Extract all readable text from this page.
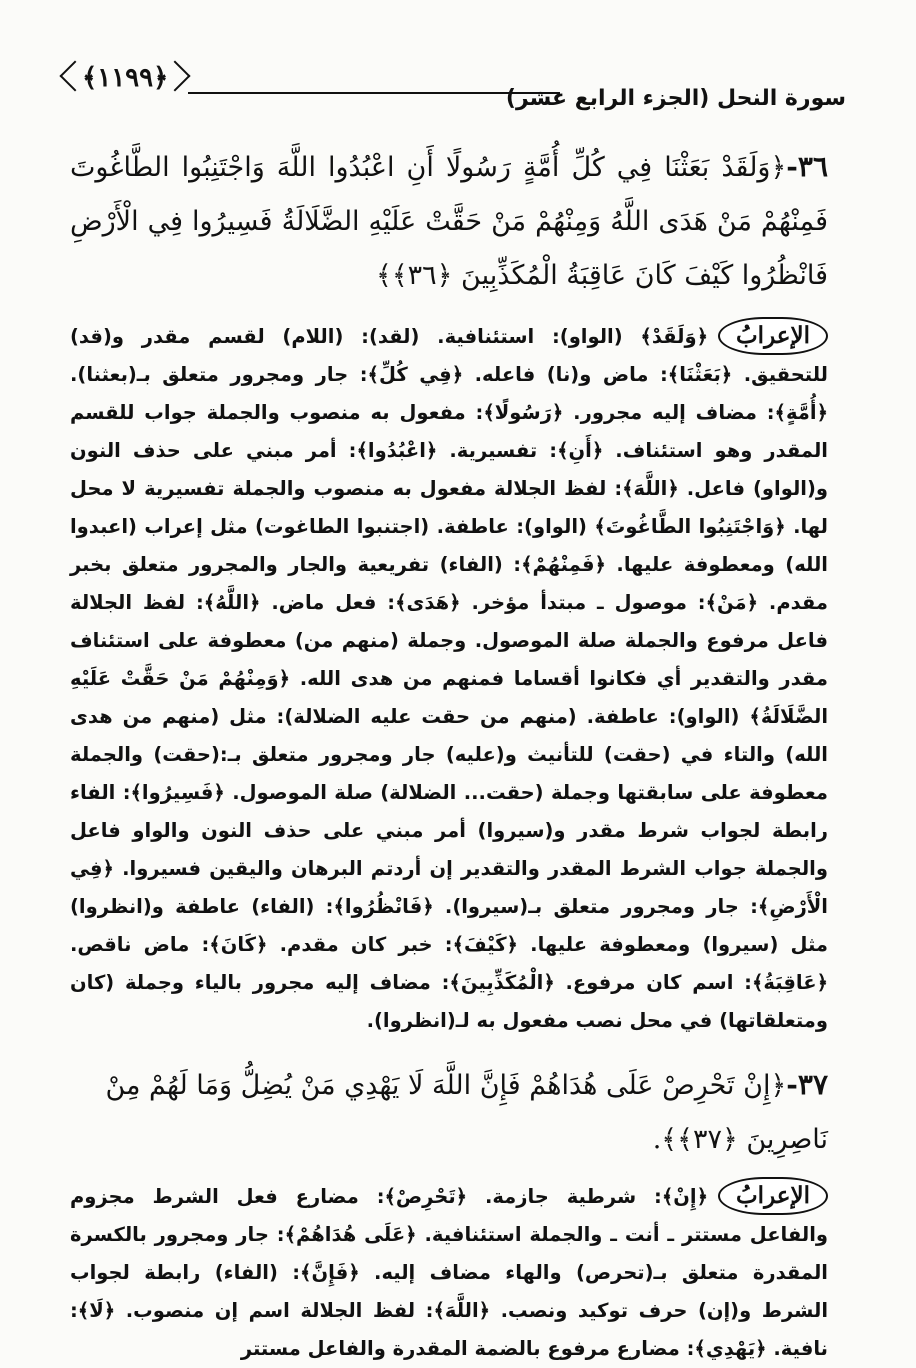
﴿١١٩٩﴾
سورة النحل (الجزء الرابع عشر)
٣٦-﴿وَلَقَدْ بَعَثْنَا فِي كُلِّ أُمَّةٍ رَسُولًا أَنِ اعْبُدُوا اللَّهَ وَاجْتَنِبُوا الطَّاغُوتَ فَمِنْهُمْ مَنْ هَدَى اللَّهُ وَمِنْهُمْ مَنْ حَقَّتْ عَلَيْهِ الضَّلَالَةُ فَسِيرُوا فِي الْأَرْضِ فَانْظُرُوا كَيْفَ كَانَ عَاقِبَةُ الْمُكَذِّبِينَ ﴿٣٦﴾﴾
الإعرابُ﴿وَلَقَدْ﴾ (الواو): استئنافية. (لقد): (اللام) لقسم مقدر و(قد) للتحقيق. ﴿بَعَثْنَا﴾: ماض و(نا) فاعله. ﴿فِي كُلِّ﴾: جار ومجرور متعلق بـ(بعثنا). ﴿أُمَّةٍ﴾: مضاف إليه مجرور. ﴿رَسُولًا﴾: مفعول به منصوب والجملة جواب للقسم المقدر وهو استئناف. ﴿أَنِ﴾: تفسيرية. ﴿اعْبُدُوا﴾: أمر مبني على حذف النون و(الواو) فاعل. ﴿اللَّهَ﴾: لفظ الجلالة مفعول به منصوب والجملة تفسيرية لا محل لها. ﴿وَاجْتَنِبُوا الطَّاغُوتَ﴾ (الواو): عاطفة. (اجتنبوا الطاغوت) مثل إعراب (اعبدوا الله) ومعطوفة عليها. ﴿فَمِنْهُمْ﴾: (الفاء) تفريعية والجار والمجرور متعلق بخبر مقدم. ﴿مَنْ﴾: موصول ـ مبتدأ مؤخر. ﴿هَدَى﴾: فعل ماض. ﴿اللَّهُ﴾: لفظ الجلالة فاعل مرفوع والجملة صلة الموصول. وجملة (منهم من) معطوفة على استئناف مقدر والتقدير أي فكانوا أقساما فمنهم من هدى الله. ﴿وَمِنْهُمْ مَنْ حَقَّتْ عَلَيْهِ الضَّلَالَةُ﴾ (الواو): عاطفة. (منهم من حقت عليه الضلالة): مثل (منهم من هدى الله) والتاء في (حقت) للتأنيث و(عليه) جار ومجرور متعلق بـ:(حقت) والجملة معطوفة على سابقتها وجملة (حقت... الضلالة) صلة الموصول. ﴿فَسِيرُوا﴾: الفاء رابطة لجواب شرط مقدر و(سيروا) أمر مبني على حذف النون والواو فاعل والجملة جواب الشرط المقدر والتقدير إن أردتم البرهان واليقين فسيروا. ﴿فِي الْأَرْضِ﴾: جار ومجرور متعلق بـ(سيروا). ﴿فَانْظُرُوا﴾: (الفاء) عاطفة و(انظروا) مثل (سيروا) ومعطوفة عليها. ﴿كَيْفَ﴾: خبر كان مقدم. ﴿كَانَ﴾: ماض ناقص. ﴿عَاقِبَةُ﴾: اسم كان مرفوع. ﴿الْمُكَذِّبِينَ﴾: مضاف إليه مجرور بالياء وجملة (كان ومتعلقاتها) في محل نصب مفعول به لـ(انظروا).
٣٧-﴿إِنْ تَحْرِصْ عَلَى هُدَاهُمْ فَإِنَّ اللَّهَ لَا يَهْدِي مَنْ يُضِلُّ وَمَا لَهُمْ مِنْ نَاصِرِينَ ﴿٣٧﴾﴾.
الإعرابُ﴿إِنْ﴾: شرطية جازمة. ﴿تَحْرِصْ﴾: مضارع فعل الشرط مجزوم والفاعل مستتر ـ أنت ـ والجملة استئنافية. ﴿عَلَى هُدَاهُمْ﴾: جار ومجرور بالكسرة المقدرة متعلق بـ(تحرص) والهاء مضاف إليه. ﴿فَإِنَّ﴾: (الفاء) رابطة لجواب الشرط و(إن) حرف توكيد ونصب. ﴿اللَّهَ﴾: لفظ الجلالة اسم إن منصوب. ﴿لَا﴾: نافية. ﴿يَهْدِي﴾: مضارع مرفوع بالضمة المقدرة والفاعل مستتر
